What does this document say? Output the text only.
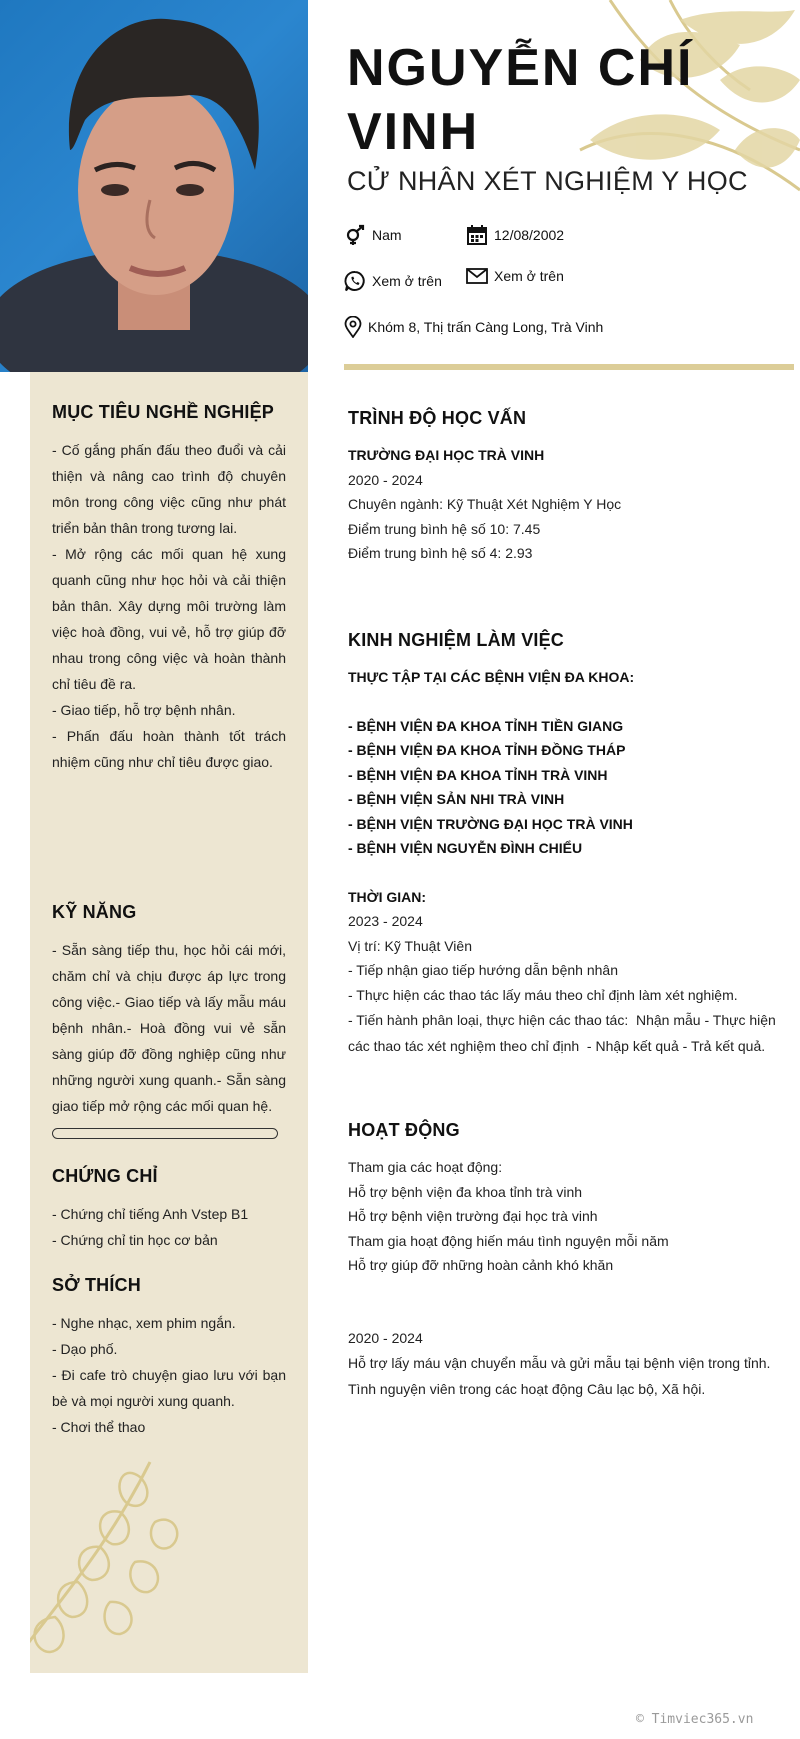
MỤC TIÊU NGHỀ NGHIỆP
- Cố gắng phấn đấu theo đuổi và cải thiện và nâng cao trình độ chuyên môn trong công việc cũng như phát triển bản thân trong tương lai.
- Mở rộng các mối quan hệ xung quanh cũng như học hỏi và cải thiện bản thân. Xây dựng môi trường làm việc hoà đồng, vui vẻ, hỗ trợ giúp đỡ nhau trong công việc và hoàn thành chỉ tiêu đề ra.
- Giao tiếp, hỗ trợ bệnh nhân.
- Phấn đấu hoàn thành tốt trách nhiệm cũng như chỉ tiêu được giao.
KỸ NĂNG
- Sẵn sàng tiếp thu, học hỏi cái mới, chăm chỉ và chịu được áp lực trong công việc.- Giao tiếp và lấy mẫu máu bệnh nhân.- Hoà đồng vui vẻ sẵn sàng giúp đỡ đồng nghiệp cũng như những người xung quanh.- Sẵn sàng giao tiếp mở rộng các mối quan hệ.
CHỨNG CHỈ
- Chứng chỉ tiếng Anh Vstep B1
- Chứng chỉ tin học cơ bản
SỞ THÍCH
- Nghe nhạc, xem phim ngắn.
- Dạo phố.
- Đi cafe trò chuyện giao lưu với bạn bè và mọi người xung quanh.
- Chơi thể thao
NGUYỄN CHÍ VINH
CỬ NHÂN XÉT NGHIỆM Y HỌC
Nam	12/08/2002
Xem ở trên	Xem ở trên
Khóm 8, Thị trấn Càng Long, Trà Vinh
TRÌNH ĐỘ HỌC VẤN
TRƯỜNG ĐẠI HỌC TRÀ VINH
2020 - 2024
Chuyên ngành: Kỹ Thuật Xét Nghiệm Y Học
Điểm trung bình hệ số 10: 7.45
Điểm trung bình hệ số 4: 2.93
KINH NGHIỆM LÀM VIỆC
THỰC TẬP TẠI CÁC BỆNH VIỆN ĐA KHOA:
- BỆNH VIỆN ĐA KHOA TỈNH TIỀN GIANG
- BỆNH VIỆN ĐA KHOA TỈNH ĐỒNG THÁP
- BỆNH VIỆN ĐA KHOA TỈNH TRÀ VINH
- BỆNH VIỆN SẢN NHI TRÀ VINH
- BỆNH VIỆN TRƯỜNG ĐẠI HỌC TRÀ VINH
- BỆNH VIỆN NGUYỄN ĐÌNH CHIỂU
THỜI GIAN:
2023 - 2024
Vị trí: Kỹ Thuật Viên
- Tiếp nhận giao tiếp hướng dẫn bệnh nhân
- Thực hiện các thao tác lấy máu theo chỉ định làm xét nghiệm.
- Tiến hành phân loại, thực hiện các thao tác:  Nhận mẫu - Thực hiện các thao tác xét nghiệm theo chỉ định  - Nhập kết quả - Trả kết quả.
HOẠT ĐỘNG
Tham gia các hoạt động:
Hỗ trợ bệnh viện đa khoa tỉnh trà vinh
Hỗ trợ bệnh viện trường đại học trà vinh
Tham gia hoạt động hiến máu tình nguyện mỗi năm
Hỗ trợ giúp đỡ những hoàn cảnh khó khăn
2020 - 2024
Hỗ trợ lấy máu vận chuyển mẫu và gửi mẫu tại bệnh viện trong tỉnh.
Tình nguyện viên trong các hoạt động Câu lạc bộ, Xã hội.
© Timviec365.vn
